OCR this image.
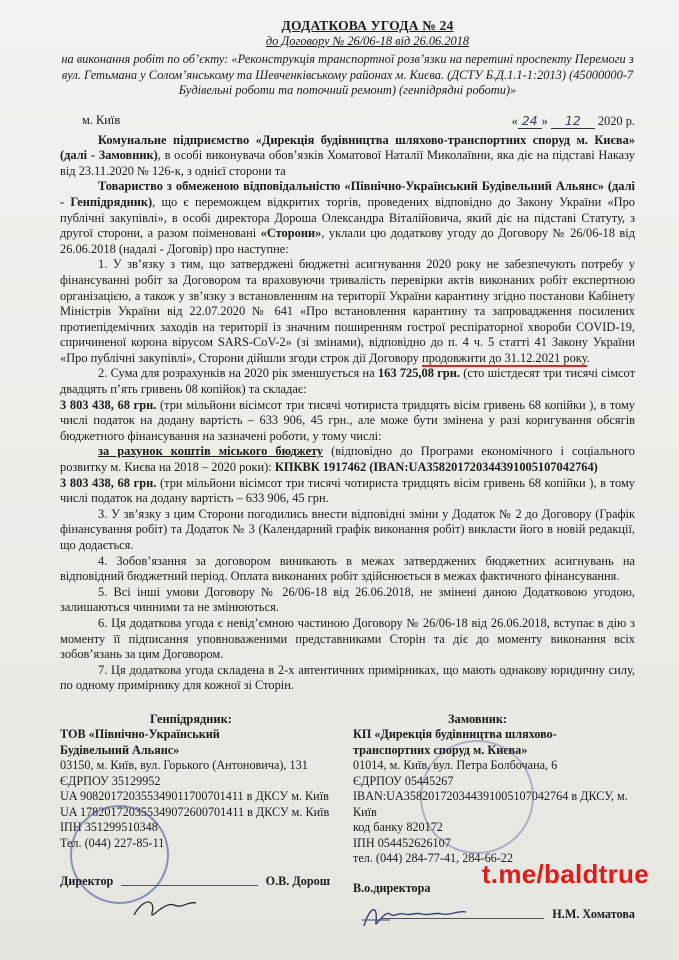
ДОДАТКОВА УГОДА № 24
до Договору № 26/06-18 від 26.06.2018
на виконання робіт по об’єкту: «Реконструкція транспортної розв’язки на перетині проспекту Перемоги з вул. Гетьмана у Солом’янському та Шевченківському районах м. Києва. (ДСТУ Б.Д.1.1-1:2013) (45000000-7 Будівельні роботи та поточний ремонт) (генпідрядні роботи)»
м. Київ	« 24 » 12 2020 р.

Комунальне підприємство «Дирекція будівництва шляхово-транспортних споруд м. Києва» (далі - Замовник), в особі виконувача обов’язків Хоматової Наталії Миколаївни, яка діє на підставі Наказу від 23.11.2020 № 126-к, з однієї сторони та

Товариство з обмеженою відповідальністю «Північно-Український Будівельний Альянс» (далі - Генпідрядник), що є переможцем відкритих торгів, проведених відповідно до Закону України «Про публічні закупівлі», в особі директора Дороша Олександра Віталійовича, який діє на підставі Статуту, з другої сторони, а разом поіменовані «Сторони», уклали цю додаткову угоду до Договору № 26/06-18 від 26.06.2018 (надалі - Договір) про наступне:

1. У зв’язку з тим, що затверджені бюджетні асигнування 2020 року не забезпечують потребу у фінансуванні робіт за Договором та враховуючи тривалість перевірки актів виконаних робіт експертною організацією, а також у зв’язку з встановленням на території України карантину згідно постанови Кабінету Міністрів України від 22.07.2020 № 641 «Про встановлення карантину та запровадження посилених протиепідемічних заходів на території із значним поширенням гострої респіраторної хвороби COVID-19, спричиненої корона вірусом SARS-CoV-2» (зі змінами), відповідно до п. 4 ч. 5 статті 41 Закону України «Про публічні закупівлі», Сторони дійшли згоди строк дії Договору продовжити до 31.12.2021 року.

2. Сума для розрахунків на 2020 рік зменшується на 163 725,08 грн. (сто шістдесят три тисячі сімсот двадцять п’ять гривень 08 копійок) та складає:

3 803 438, 68 грн. (три мільйони вісімсот три тисячі чотириста тридцять вісім гривень 68 копійки ), в тому числі податок на додану вартість – 633 906, 45 грн., але може бути змінена у разі коригування обсягів бюджетного фінансування на зазначені роботи, у тому числі:

за рахунок коштів міського бюджету (відповідно до Програми економічного і соціального розвитку м. Києва на 2018 – 2020 роки): КПКВК 1917462 (IBAN:UA358201720344391005107042764)

3 803 438, 68 грн. (три мільйони вісімсот три тисячі чотириста тридцять вісім гривень 68 копійки ), в тому числі податок на додану вартість – 633 906, 45 грн.

3. У зв’язку з цим Сторони погодились внести відповідні зміни у Додаток № 2 до Договору (Графік фінансування робіт) та Додаток № 3 (Календарний графік виконання робіт) викласти його в новій редакції, що додається.

4. Зобов’язання за договором виникають в межах затверджених бюджетних асигнувань на відповідний бюджетний період. Оплата виконаних робіт здійснюється в межах фактичного фінансування.

5. Всі інші умови Договору № 26/06-18 від 26.06.2018, не змінені даною Додатковою угодою, залишаються чинними та не змінюються.

6. Ця додаткова угода є невід’ємною частиною Договору № 26/06-18 від 26.06.2018, вступає в дію з моменту її підписання уповноваженими представниками Сторін та діє до моменту виконання всіх зобов’язань за цим Договором.

7. Ця додаткова угода складена в 2-х автентичних примірниках, що мають однакову юридичну силу, по одному примірнику для кожної зі Сторін.

Генпідрядник:
ТОВ «Північно-Український
Будівельний Альянс»
03150, м. Київ, вул. Горького (Антоновича), 131
ЄДРПОУ 35129952
UA 908201720355349011700701411 в ДКСУ м. Київ
UA 178201720355349072600701411 в ДКСУ м. Київ
ІПН 351299510348
Тел. (044) 227-85-11
Директор	О.В. Дорош
Замовник:
КП «Дирекція будівництва шляхово-
транспортних споруд м. Києва»
01014, м. Київ, вул. Петра Болбочана, 6
ЄДРПОУ 05445267
IBAN:UA358201720344391005107042764 в ДКСУ, м. Київ
код банку 820172
ІПН 054452626107
тел. (044) 284-77-41, 284-66-22
В.о.директора
Н.М. Хоматова
t.me/baldtrue
